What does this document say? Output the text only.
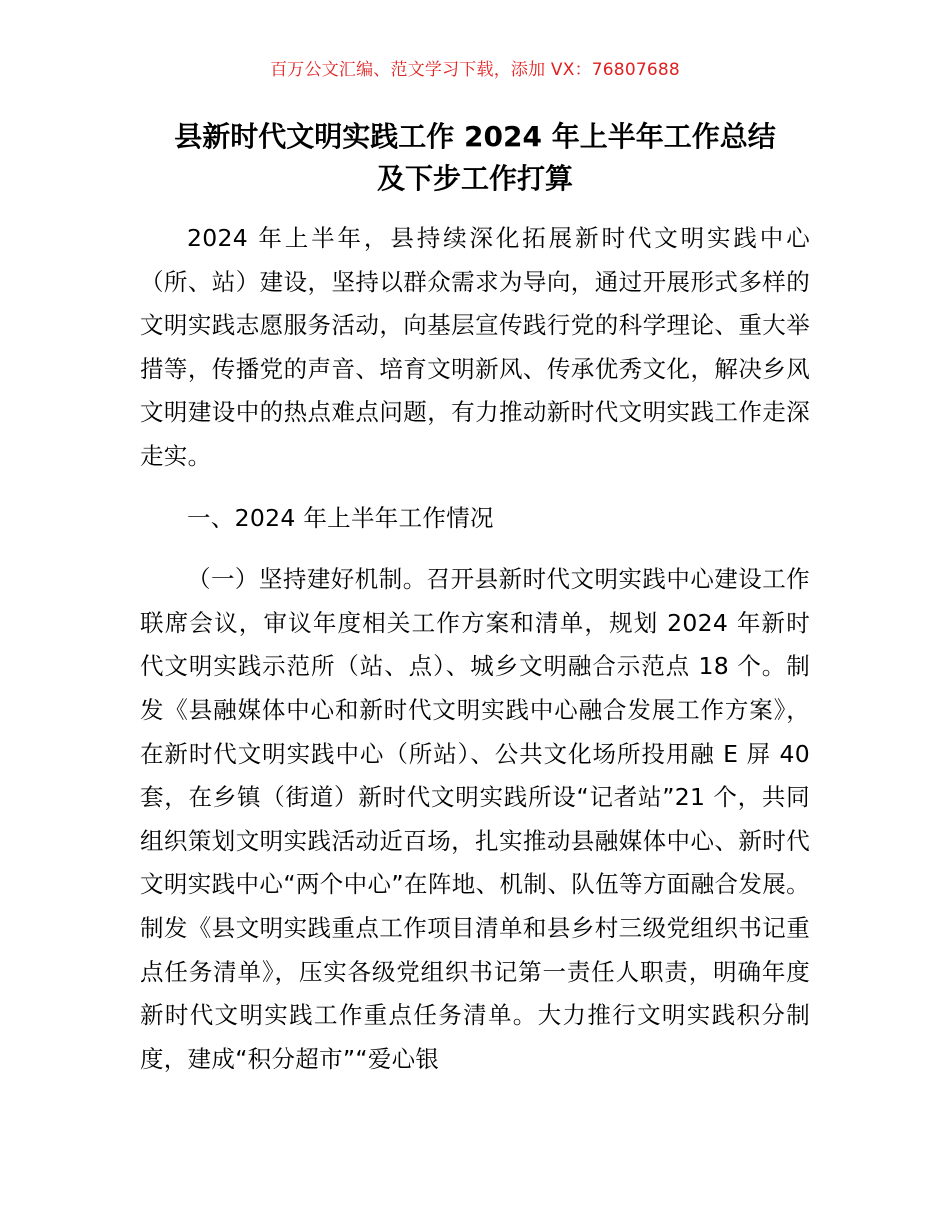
百万公文汇编、范文学习下载，添加 VX：76807688
县新时代文明实践工作 2024 年上半年工作总结
及下步工作打算

2024 年上半年，县持续深化拓展新时代文明实践中心（所、站）建设，坚持以群众需求为导向，通过开展形式多样的文明实践志愿服务活动，向基层宣传践行党的科学理论、重大举措等，传播党的声音、培育文明新风、传承优秀文化，解决乡风文明建设中的热点难点问题，有力推动新时代文明实践工作走深走实。

一、2024 年上半年工作情况

（一）坚持建好机制。召开县新时代文明实践中心建设工作联席会议，审议年度相关工作方案和清单，规划 2024 年新时代文明实践示范所（站、点）、城乡文明融合示范点 18 个。制发《县融媒体中心和新时代文明实践中心融合发展工作方案》，在新时代文明实践中心（所站）、公共文化场所投用融 E 屏 40 套，在乡镇（街道）新时代文明实践所设“记者站”21 个，共同组织策划文明实践活动近百场，扎实推动县融媒体中心、新时代文明实践中心“两个中心”在阵地、机制、队伍等方面融合发展。制发《县文明实践重点工作项目清单和县乡村三级党组织书记重点任务清单》，压实各级党组织书记第一责任人职责，明确年度新时代文明实践工作重点任务清单。大力推行文明实践积分制度，建成“积分超市”“爱心银
